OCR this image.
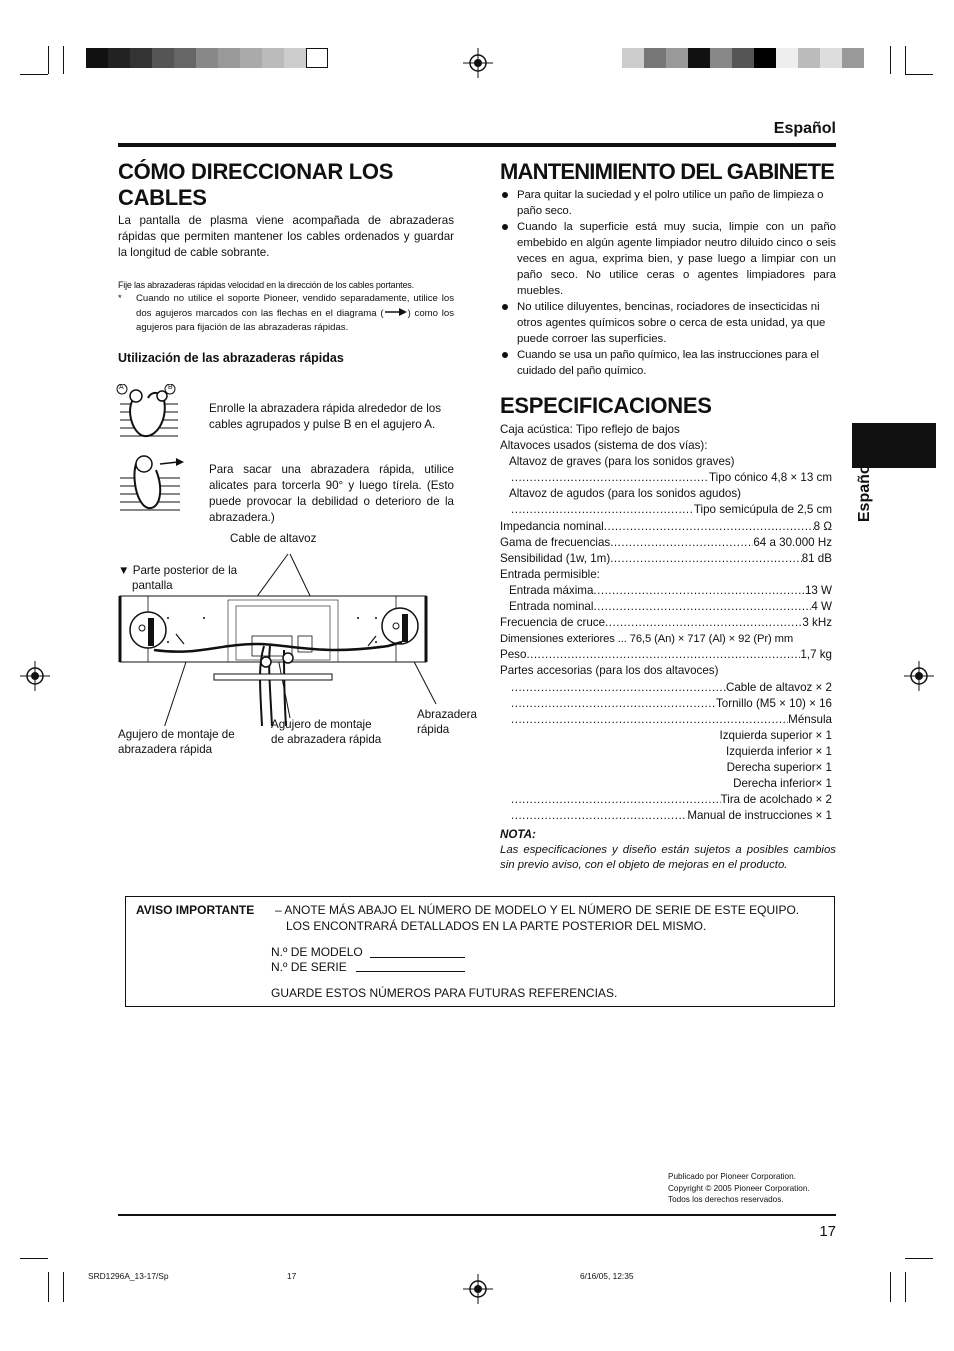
Español
Español
CÓMO DIRECCIONAR LOS
CABLES
La pantalla de plasma viene acompañada de abrazaderas rápidas que permiten mantener los cables ordenados y guardar la longitud de cable sobrante.
Fije las abrazaderas rápidas velocidad en la dirección de los cables portantes.
*	Cuando no utilice el soporte Pioneer, vendido separadamente, utilice los dos agujeros marcados con las flechas en el diagrama (	) como los agujeros para fijación de las abrazaderas rápidas.
Utilización de las abrazaderas rápidas
A	B
Enrolle la abrazadera rápida alrededor de los cables agrupados y pulse B en el agujero A.
Para sacar una abrazadera rápida, utilice alicates para torcerla 90° y luego tírela. (Esto puede provocar la debilidad o deterioro de la abrazadera.)
Cable de altavoz
▼ Parte posterior de la
pantalla
Agujero de montaje de
abrazadera rápida
Agujero de montaje
de abrazadera rápida
Abrazadera
rápida
MANTENIMIENTO DEL GABINETE
Para quitar la suciedad y el polro utilice un paño de limpieza o paño seco.
Cuando la superficie está muy sucia, limpie con un paño embebido en algún agente limpiador neutro diluido cinco o seis veces en agua, exprima bien, y pase luego a limpiar con un paño seco. No utilice ceras o agentes limpiadores para muebles.
No utilice diluyentes, bencinas, rociadores de insecticidas ni otros agentes químicos sobre o cerca de esta unidad, ya que puede corroer las superficies.
Cuando se usa un paño químico, lea las instrucciones para el cuidado del paño químico.
ESPECIFICACIONES
Caja acústica: Tipo reflejo de bajos
Altavoces usados (sistema de dos vías):
Altavoz de graves (para los sonidos graves)
.....
Tipo cónico 4,8 × 13 cm
Altavoz de agudos (para los sonidos agudos)
.....
Tipo semicúpula de 2,5 cm
Impedancia nominal .....	8 Ω
Gama de frecuencias .....	64 a 30.000 Hz
Sensibilidad (1w, 1m) .....	81 dB
Entrada permisible:
Entrada máxima .....	13 W
Entrada nominal .....	4 W
Frecuencia de cruce .....	3 kHz
Dimensiones exteriores ... 76,5 (An) × 717 (Al) × 92 (Pr) mm
Peso .....	1,7 kg
Partes accesorias (para los dos altavoces)
.....
Cable de altavoz × 2
.....
Tornillo (M5 × 10) × 16
.....
Ménsula
Izquierda superior × 1
Izquierda inferior × 1
Derecha superior× 1
Derecha inferior× 1
.....
Tira de acolchado × 2
.....
Manual de instrucciones × 1
NOTA:
Las especificaciones y diseño están sujetos a posibles cambios sin previo aviso, con el objeto de mejoras en el producto.
AVISO IMPORTANTE – ANOTE MÁS ABAJO EL NÚMERO DE MODELO Y EL NÚMERO DE SERIE DE ESTE EQUIPO.
LOS ENCONTRARÁ DETALLADOS EN LA PARTE POSTERIOR DEL MISMO.
N.º DE MODELO
N.º DE SERIE
GUARDE ESTOS NÚMEROS PARA FUTURAS REFERENCIAS.
Publicado por Pioneer Corporation.
Copyright © 2005 Pioneer Corporation.
Todos los derechos reservados.
17
SRD1296A_13-17/Sp	17	6/16/05, 12:35
